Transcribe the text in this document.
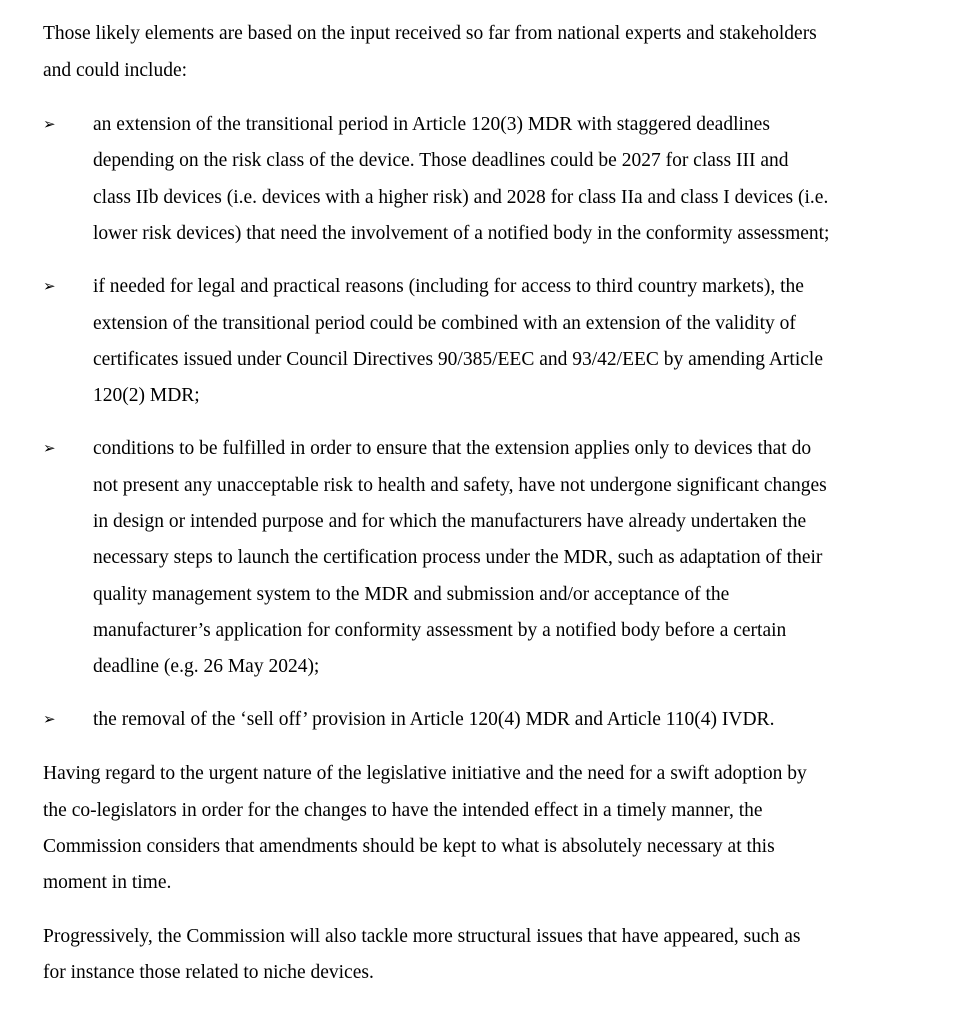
Those likely elements are based on the input received so far from national experts and stakeholders
and could include:
➢ an extension of the transitional period in Article 120(3) MDR with staggered deadlines
depending on the risk class of the device. Those deadlines could be 2027 for class III and
class IIb devices (i.e. devices with a higher risk) and 2028 for class IIa and class I devices (i.e.
lower risk devices) that need the involvement of a notified body in the conformity assessment;
➢ if needed for legal and practical reasons (including for access to third country markets), the
extension of the transitional period could be combined with an extension of the validity of
certificates issued under Council Directives 90/385/EEC and 93/42/EEC by amending Article
120(2) MDR;
➢ conditions to be fulfilled in order to ensure that the extension applies only to devices that do
not present any unacceptable risk to health and safety, have not undergone significant changes
in design or intended purpose and for which the manufacturers have already undertaken the
necessary steps to launch the certification process under the MDR, such as adaptation of their
quality management system to the MDR and submission and/or acceptance of the
manufacturer’s application for conformity assessment by a notified body before a certain
deadline (e.g. 26 May 2024);
➢ the removal of the ‘sell off’ provision in Article 120(4) MDR and Article 110(4) IVDR.
Having regard to the urgent nature of the legislative initiative and the need for a swift adoption by
the co-legislators in order for the changes to have the intended effect in a timely manner, the
Commission considers that amendments should be kept to what is absolutely necessary at this
moment in time.
Progressively, the Commission will also tackle more structural issues that have appeared, such as
for instance those related to niche devices.
